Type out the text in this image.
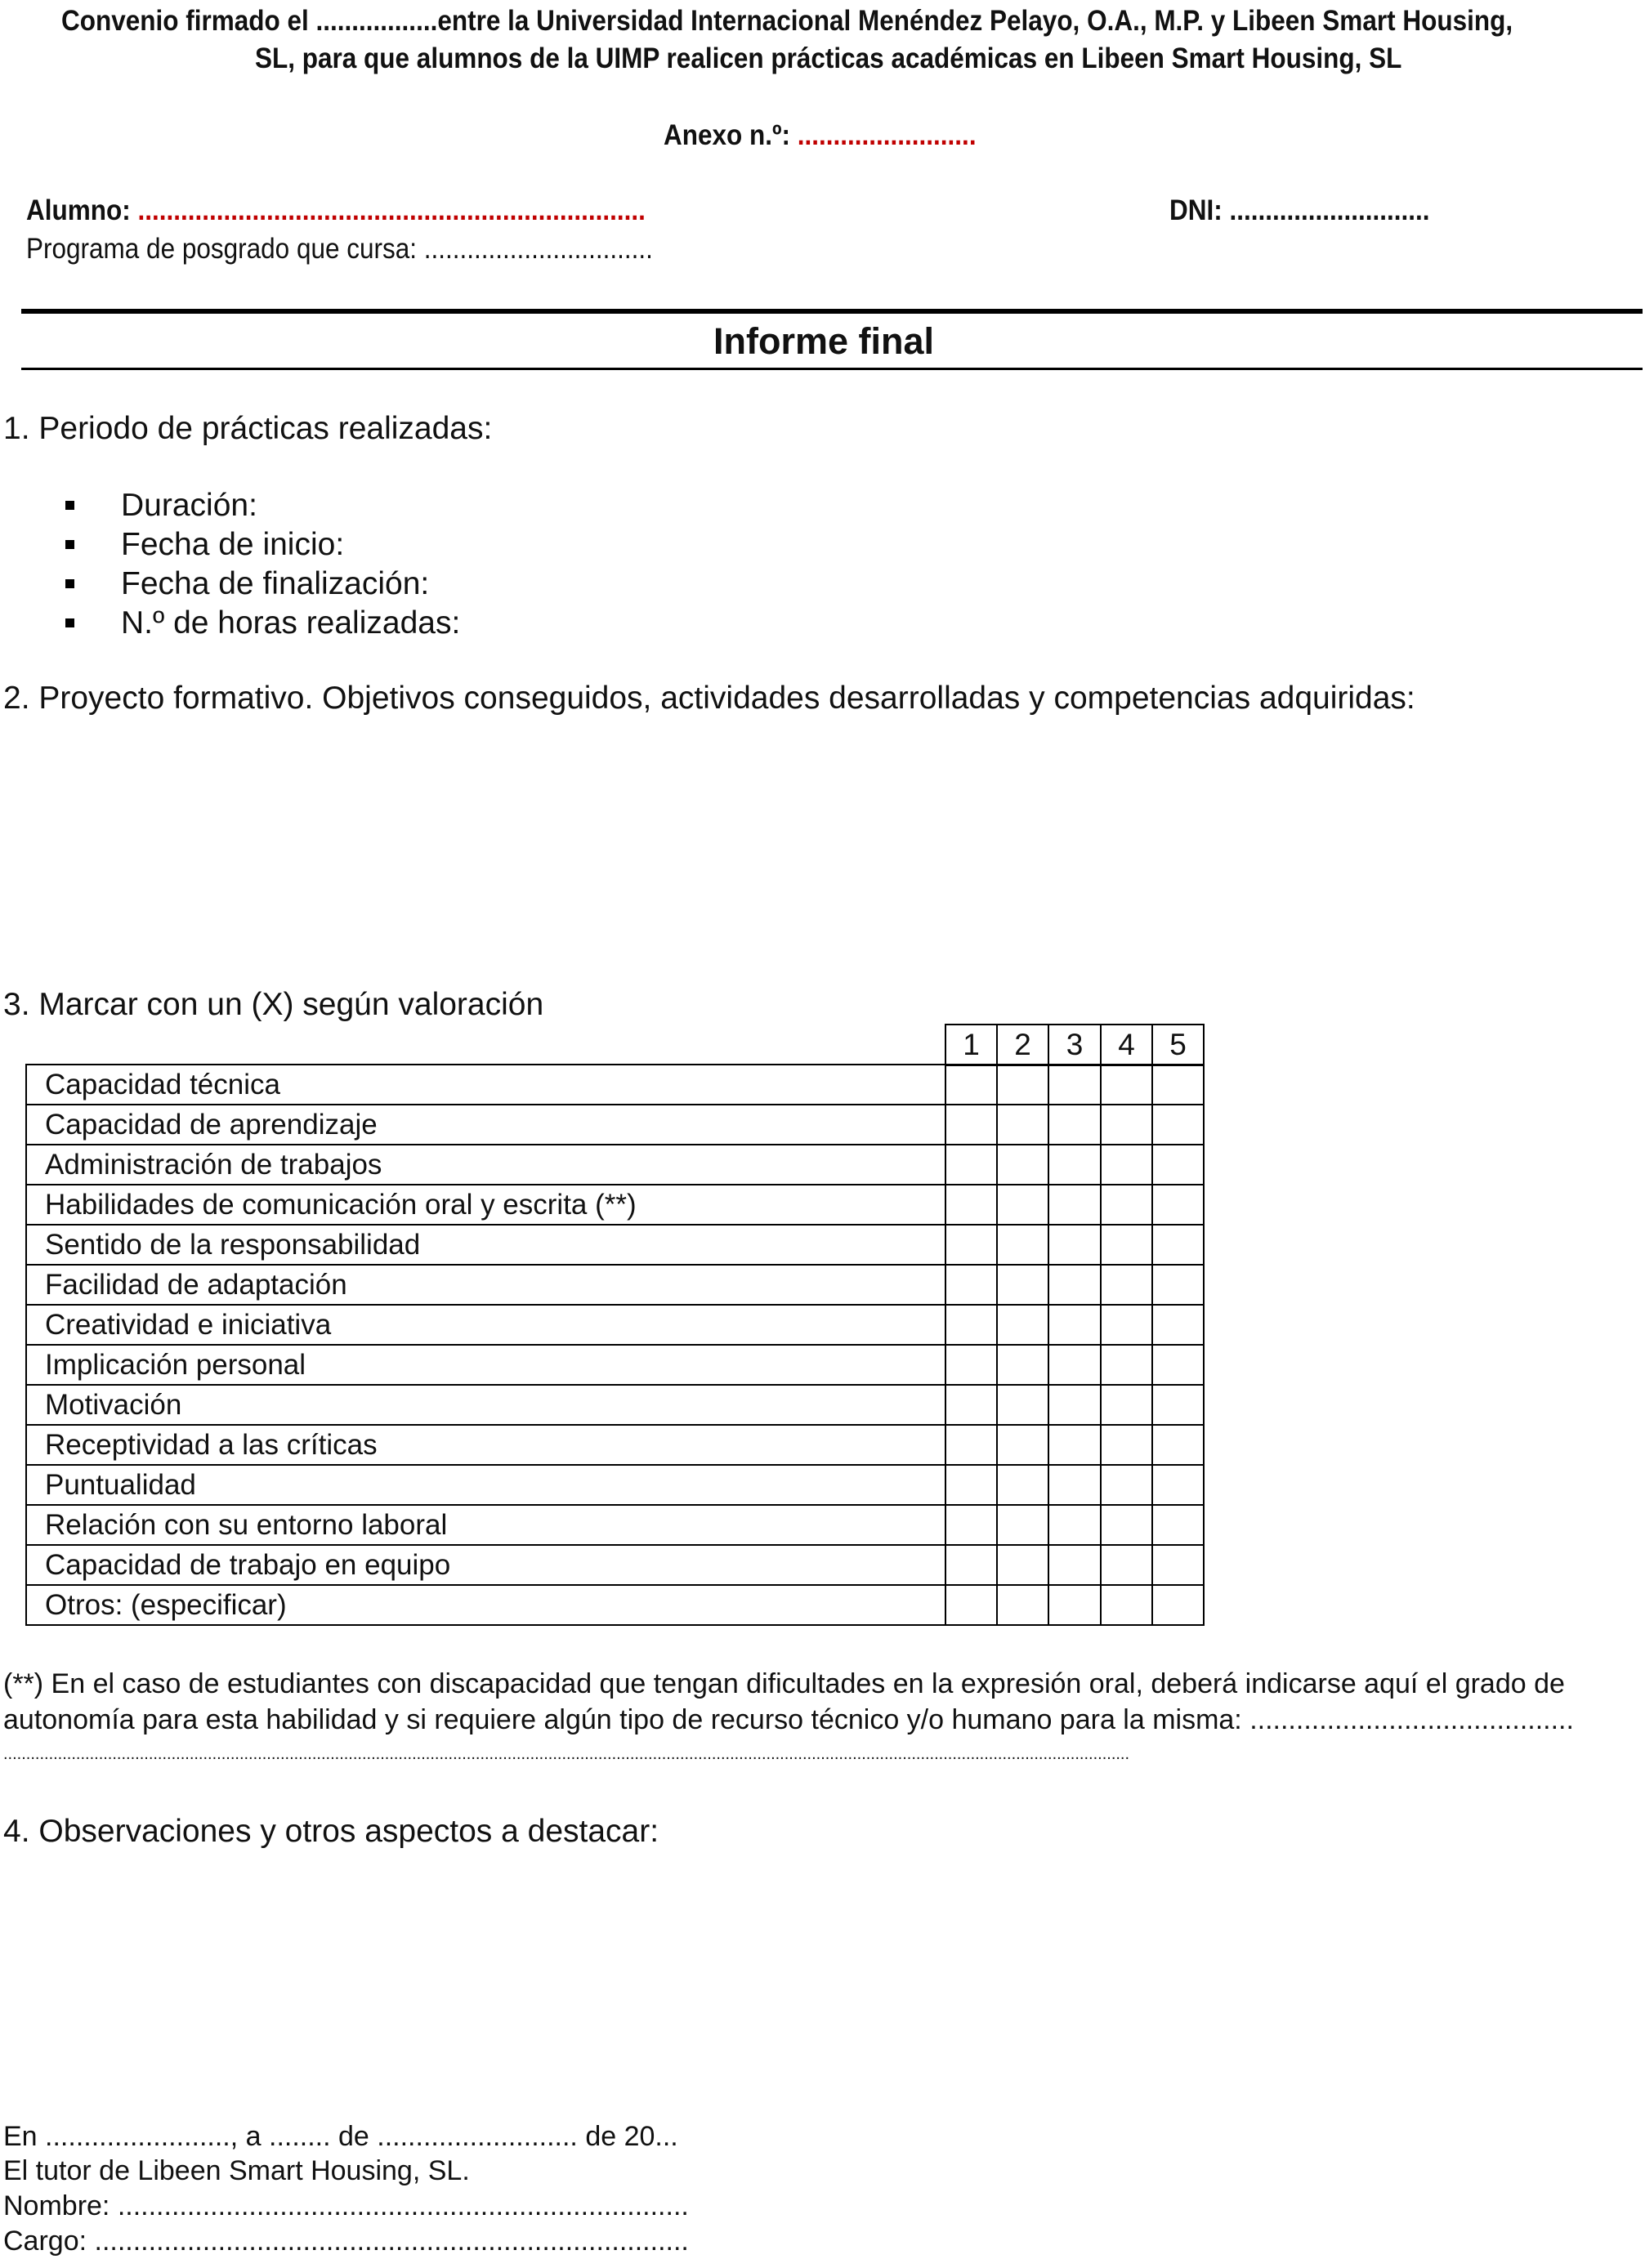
Convenio firmado el .................entre la Universidad Internacional Menéndez Pelayo, O.A., M.P. y Libeen Smart Housing,
SL, para que alumnos de la UIMP realicen prácticas académicas en Libeen Smart Housing, SL
Anexo n.º: .........................
Alumno: .......................................................................	DNI: ............................
Programa de posgrado que cursa: ................................
Informe final
1. Periodo de prácticas realizadas:
Duración:
Fecha de inicio:
Fecha de finalización:
N.º de horas realizadas:
2. Proyecto formativo. Objetivos conseguidos, actividades desarrolladas y competencias adquiridas:
3. Marcar con un (X) según valoración
1	2	3	4	5
Capacidad técnica					
Capacidad de aprendizaje					
Administración de trabajos					
Habilidades de comunicación oral y escrita (**)					
Sentido de la responsabilidad					
Facilidad de adaptación					
Creatividad e iniciativa					
Implicación personal					
Motivación					
Receptividad a las críticas					
Puntualidad					
Relación con su entorno laboral					
Capacidad de trabajo en equipo					
Otros: (especificar)					
(**) En el caso de estudiantes con discapacidad que tengan dificultades en la expresión oral, deberá indicarse aquí el grado de
autonomía para esta habilidad y si requiere algún tipo de recurso técnico y/o humano para la misma: ..........................................
........................................................................................................................................................................................................................................................
4. Observaciones y otros aspectos a destacar:
En ........................, a ........ de .......................... de 20...
El tutor de Libeen Smart Housing, SL.
Nombre: ..........................................................................
Cargo: .............................................................................
